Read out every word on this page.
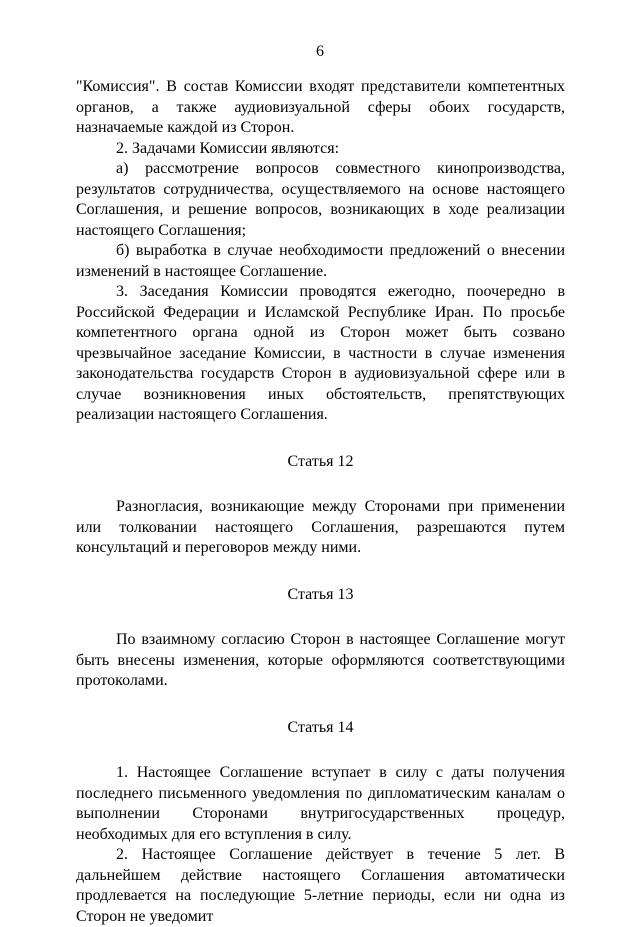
6

"Комиссия". В состав Комиссии входят представители компетентных органов, а также аудиовизуальной сферы обоих государств, назначаемые каждой из Сторон.

2. Задачами Комиссии являются:

а) рассмотрение вопросов совместного кинопроизводства, результатов сотрудничества, осуществляемого на основе настоящего Соглашения, и решение вопросов, возникающих в ходе реализации настоящего Соглашения;

б) выработка в случае необходимости предложений о внесении изменений в настоящее Соглашение.

3. Заседания Комиссии проводятся ежегодно, поочередно в Российской Федерации и Исламской Республике Иран. По просьбе компетентного органа одной из Сторон может быть созвано чрезвычайное заседание Комиссии, в частности в случае изменения законодательства государств Сторон в аудиовизуальной сфере или в случае возникновения иных обстоятельств, препятствующих реализации настоящего Соглашения.

Статья 12

Разногласия, возникающие между Сторонами при применении или толковании настоящего Соглашения, разрешаются путем консультаций и переговоров между ними.

Статья 13

По взаимному согласию Сторон в настоящее Соглашение могут быть внесены изменения, которые оформляются соответствующими протоколами.

Статья 14

1. Настоящее Соглашение вступает в силу с даты получения последнего письменного уведомления по дипломатическим каналам о выполнении Сторонами внутригосударственных процедур, необходимых для его вступления в силу.

2. Настоящее Соглашение действует в течение 5 лет. В дальнейшем действие настоящего Соглашения автоматически продлевается на последующие 5-летние периоды, если ни одна из Сторон не уведомит
